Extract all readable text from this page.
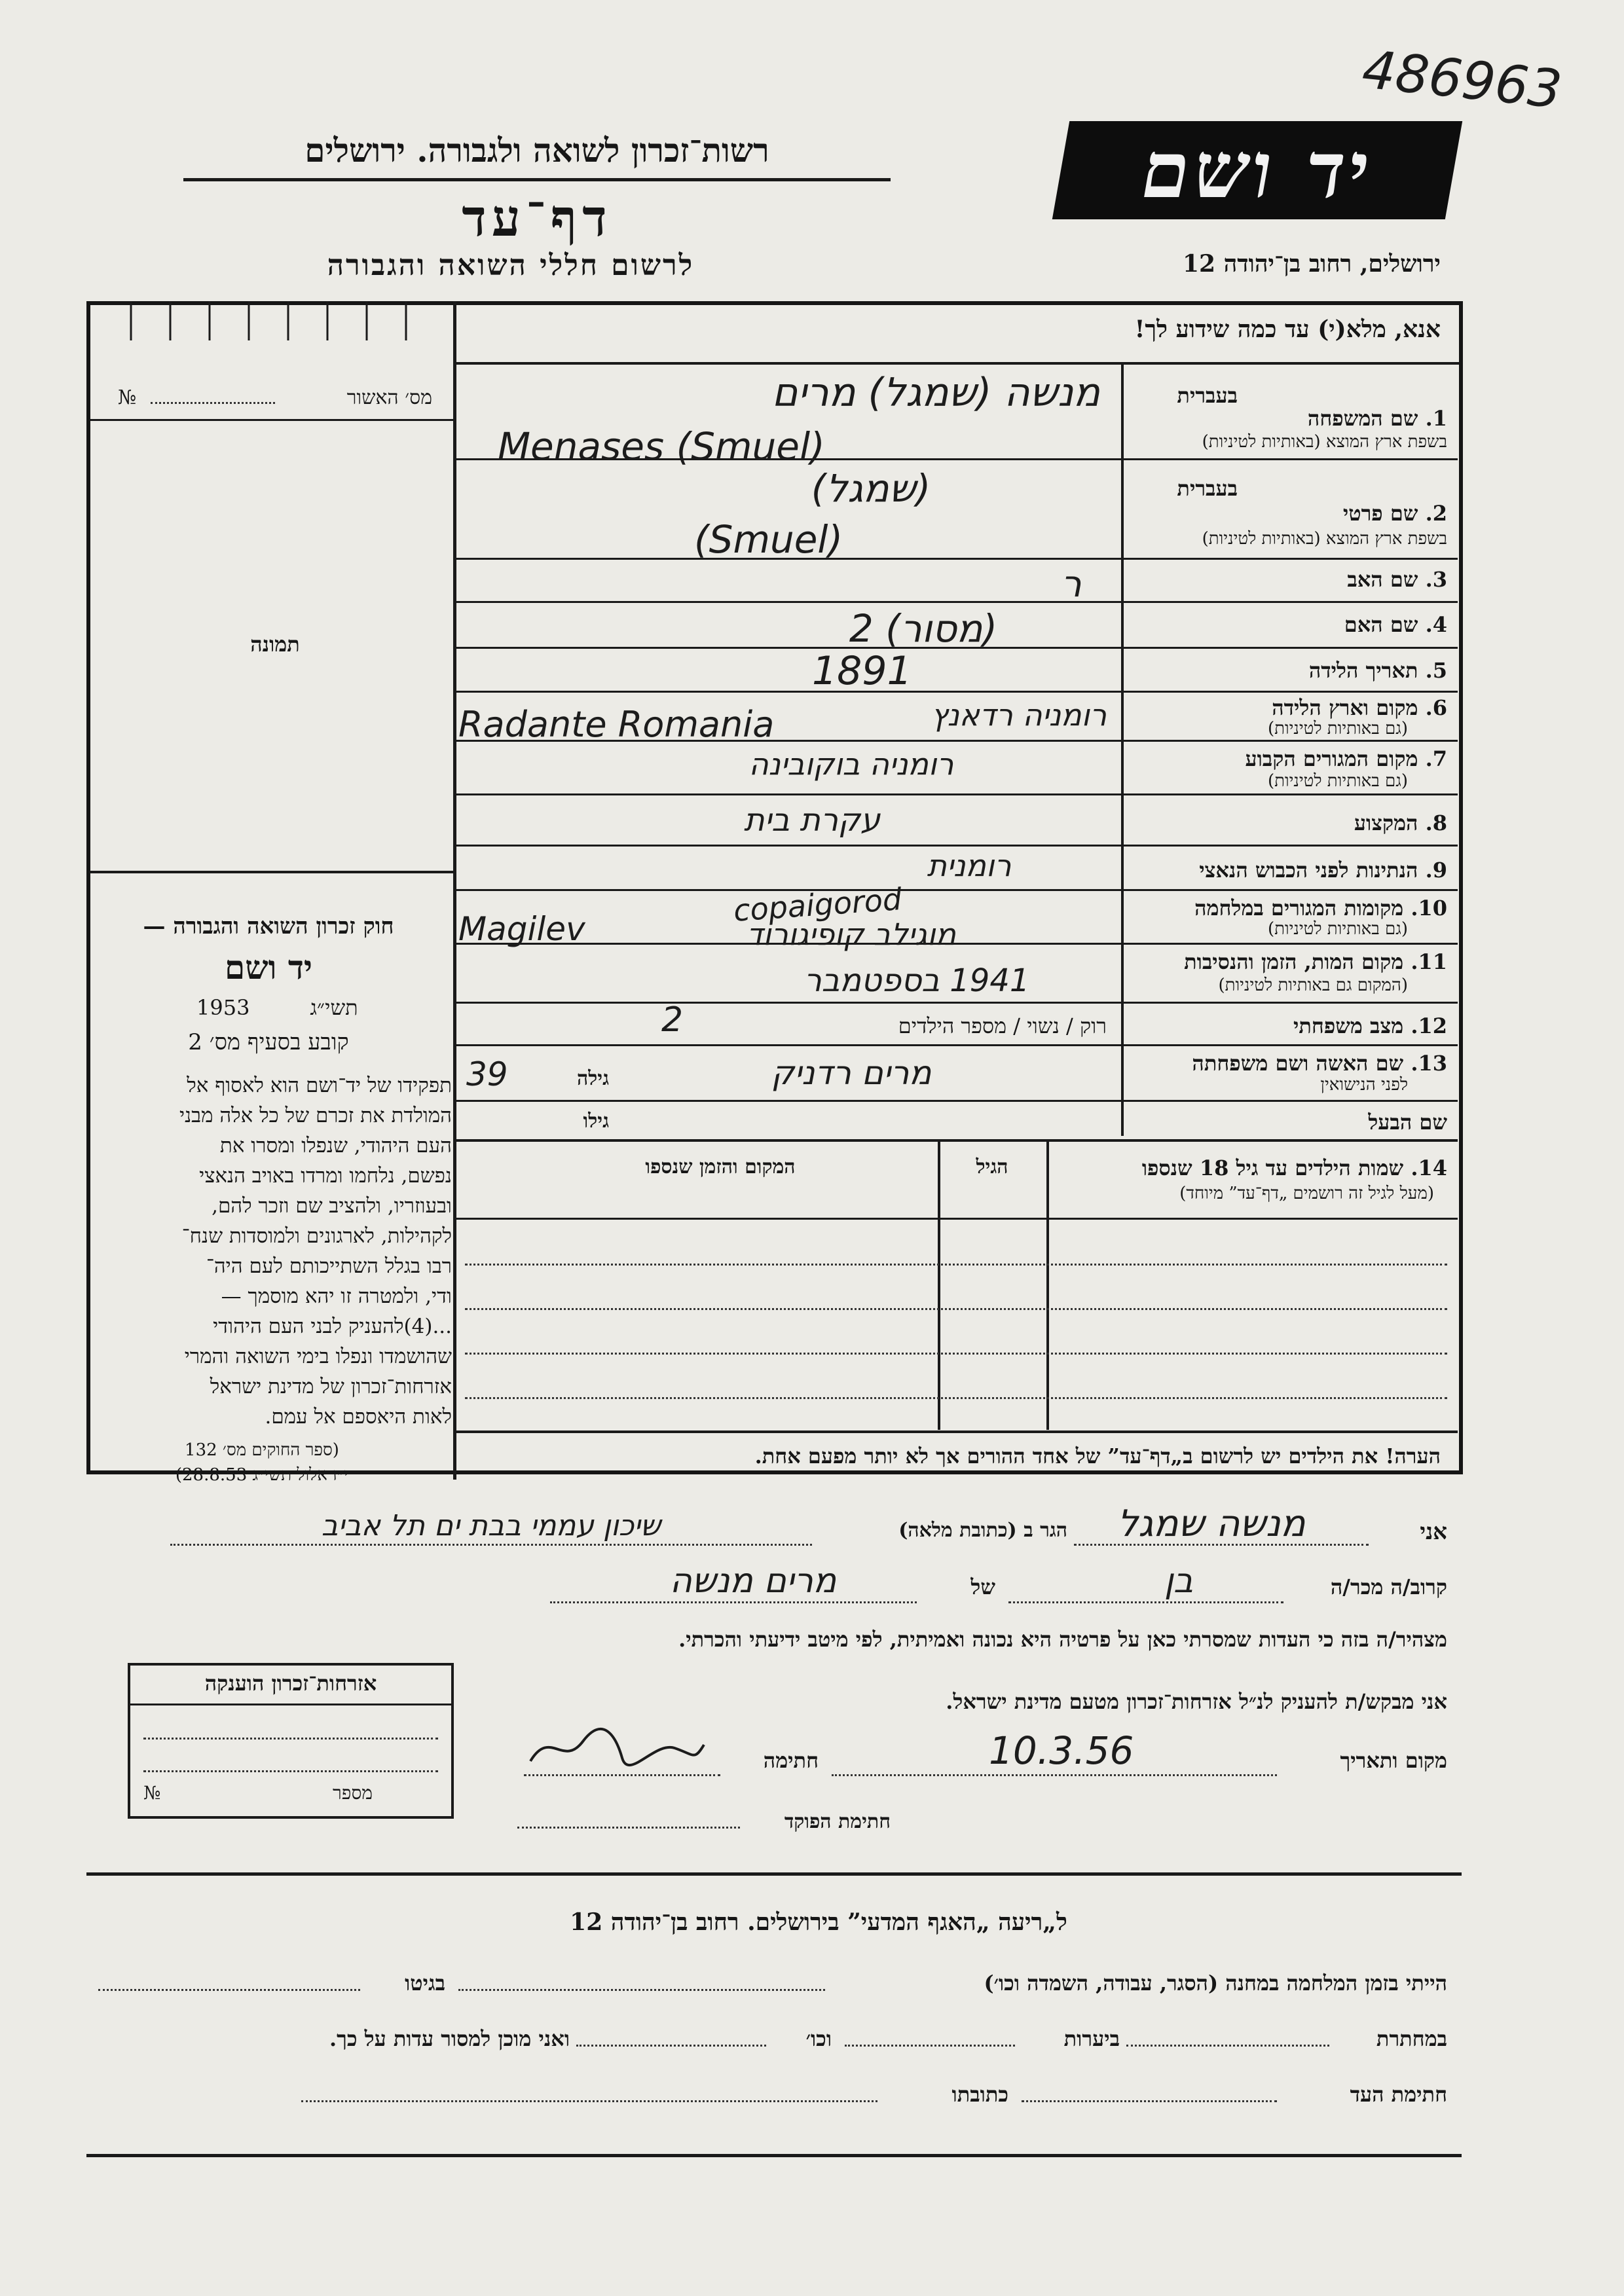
486963
רשות־זכרון לשואה ולגבורה. ירושלים	יד ושם
דף־עד
לרשום חללי השואה והגבורה	ירושלים, רחוב בן־יהודה 12
אנא, מלא(י) עד כמה שידוע לך!
מס׳ האשור
№
תמונה
חוק זכרון השואה והגבורה —
יד ושם
תשי״ג
1953
קובע בסעיף מס׳ 2
תפקידו של יד־ושם הוא לאסוף אל
המולדת את זכרם של כל אלה מבני
העם היהודי, שנפלו ומסרו את
נפשם, נלחמו ומרדו באויב הנאצי
ובעוזריו, ולהציב שם וזכר להם,
לקהילות, לארגונים ולמוסדות שנח־
רבו בגלל השתייכותם לעם היה־
ודי, ולמטרה זו יהא מוסמך —
...(4)להעניק לבני העם היהודי
שהושמדו ונפלו בימי השואה והמרי
אזרחות־זכרון של מדינת ישראל
לאות היאספם אל עמם.
(ספר החוקים מס׳ 132
י״ז אלול תשי״ג 28.8.53)
בעברית
1. שם המשפחה
בשפת ארץ המוצא (באותיות לטיניות)
מנשה (שמגל) מרים
Menases (Smuel)
בעברית
2. שם פרטי
בשפת ארץ המוצא (באותיות לטיניות)
(שמגל)
(Smuel)
3. שם האב
ר
4. שם האם
(מסור) 2
5. תאריך הלידה
1891
6. מקום וארץ הלידה
(גם באותיות לטיניות)
Radante Romania	רומניה רדאנץ
7. מקום המגורים הקבוע
(גם באותיות לטיניות)
רומניה בוקובינה
8. המקצוע
עקרת בית
9. הנתינות לפני הכבוש הנאצי
רומנית
10. מקומות המגורים במלחמה
(גם באותיות לטיניות)
Magilev
copaigorod
מוגילב קופיגורוד
11. מקום המות, הזמן והנסיבות
(המקום גם באותיות לטיניות)
1941 בספטמבר
12. מצב משפחתי
רוק / נשוי / מספר הילדים
2
13. שם האשה ושם משפחתה
לפני הנישואין
מרים רדניק
גילה
39
שם הבעל
גילו
14. שמות הילדים עד גיל 18 שנספו
(מעל לגיל זה רושמים „דף־עד” מיוחד)
הגיל
המקום והזמן שנספו
הערה! את הילדים יש לרשום ב„דף־עד” של אחד ההורים אך לא יותר מפעם אחת.
אני
מנשה שמגל
הגר ב (כתובת מלאה)
שיכון עממי בבת ים תל אביב
קרוב/ה מכר/ה
בן
של
מרים מנשה
מצהיר/ה בזה כי העדות שמסרתי כאן על פרטיה היא נכונה ואמיתית, לפי מיטב ידיעתי והכרתי.
אני מבקש/ת להעניק לנ״ל אזרחות־זכרון מטעם מדינת ישראל.
מקום ותאריך
10.3.56
חתימה
חתימת הפוקד
אזרחות־זכרון הוענקה
מספר
№
ל„ריעה „האגף המדעי” בירושלים. רחוב בן־יהודה 12
הייתי בזמן המלחמה במחנה (הסגר, עבודה, השמדה וכו׳)
בגיטו
במחתרת
ביערות
וכו׳
ואני מוכן למסור עדות על כך.
חתימת העד
כתובתו
